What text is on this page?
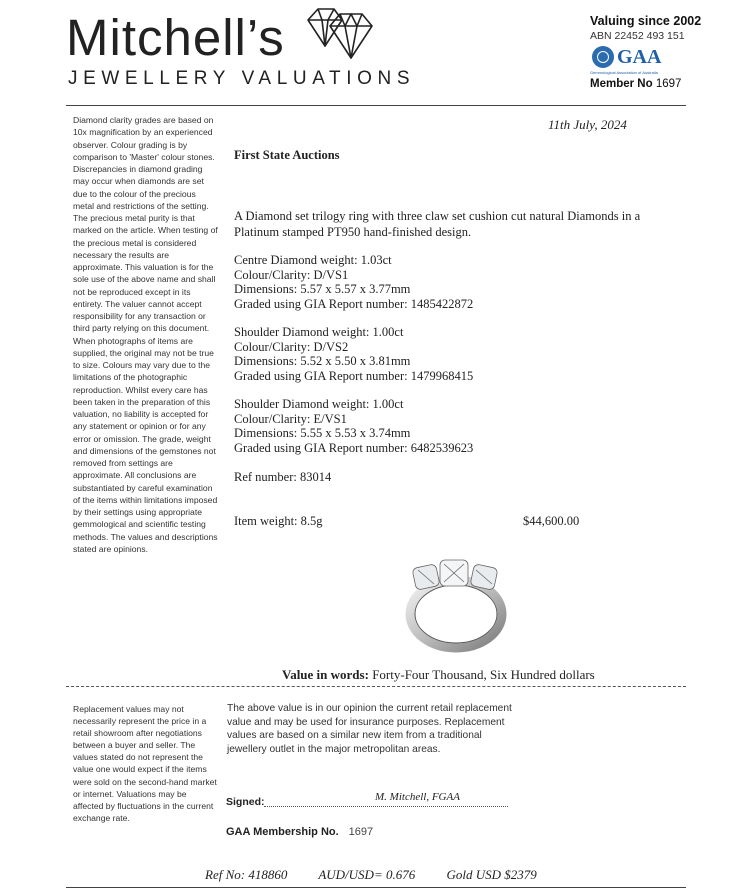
Mitchell’s
JEWELLERY VALUATIONS
Valuing since 2002
ABN 22452 493 151
GAA
Gemmological Association of Australia
Member No 1697
Diamond clarity grades are based on 10x magnification by an experienced observer. Colour grading is by comparison to 'Master' colour stones. Discrepancies in diamond grading may occur when diamonds are set due to the colour of the precious metal and restrictions of the setting. The precious metal purity is that marked on the article. When testing of the precious metal is considered necessary the results are approximate. This valuation is for the sole use of the above name and shall not be reproduced except in its entirety. The valuer cannot accept responsibility for any transaction or third party relying on this document. When photographs of items are supplied, the original may not be true to size. Colours may vary due to the limitations of the photographic reproduction. Whilst every care has been taken in the preparation of this valuation, no liability is accepted for any statement or opinion or for any error or omission. The grade, weight and dimensions of the gemstones not removed from settings are approximate. All conclusions are substantiated by careful examination of the items within limitations imposed by their settings using appropriate gemmological and scientific testing methods. The values and descriptions stated are opinions.
11th July, 2024
First State Auctions
A Diamond set trilogy ring with three claw set cushion cut natural Diamonds in a Platinum stamped PT950 hand-finished design.
Centre Diamond weight: 1.03ct
Colour/Clarity: D/VS1
Dimensions: 5.57 x 5.57 x 3.77mm
Graded using GIA Report number: 1485422872
Shoulder Diamond weight: 1.00ct
Colour/Clarity: D/VS2
Dimensions: 5.52 x 5.50 x 3.81mm
Graded using GIA Report number: 1479968415
Shoulder Diamond weight: 1.00ct
Colour/Clarity: E/VS1
Dimensions: 5.55 x 5.53 x 3.74mm
Graded using GIA Report number: 6482539623
Ref number: 83014
Item weight: 8.5g	$44,600.00
Value in words: Forty-Four Thousand, Six Hundred dollars
Replacement values may not necessarily represent the price in a retail showroom after negotiations between a buyer and seller. The values stated do not represent the value one would expect if the items were sold on the second-hand market or internet. Valuations may be affected by fluctuations in the current exchange rate.
The above value is in our opinion the current retail replacement value and may be used for insurance purposes. Replacement values are based on a similar new item from a traditional jewellery outlet in the major metropolitan areas.
Signed:	M. Mitchell, FGAA
GAA Membership No. 1697
Ref No: 418860 AUD/USD= 0.676 Gold USD $2379
